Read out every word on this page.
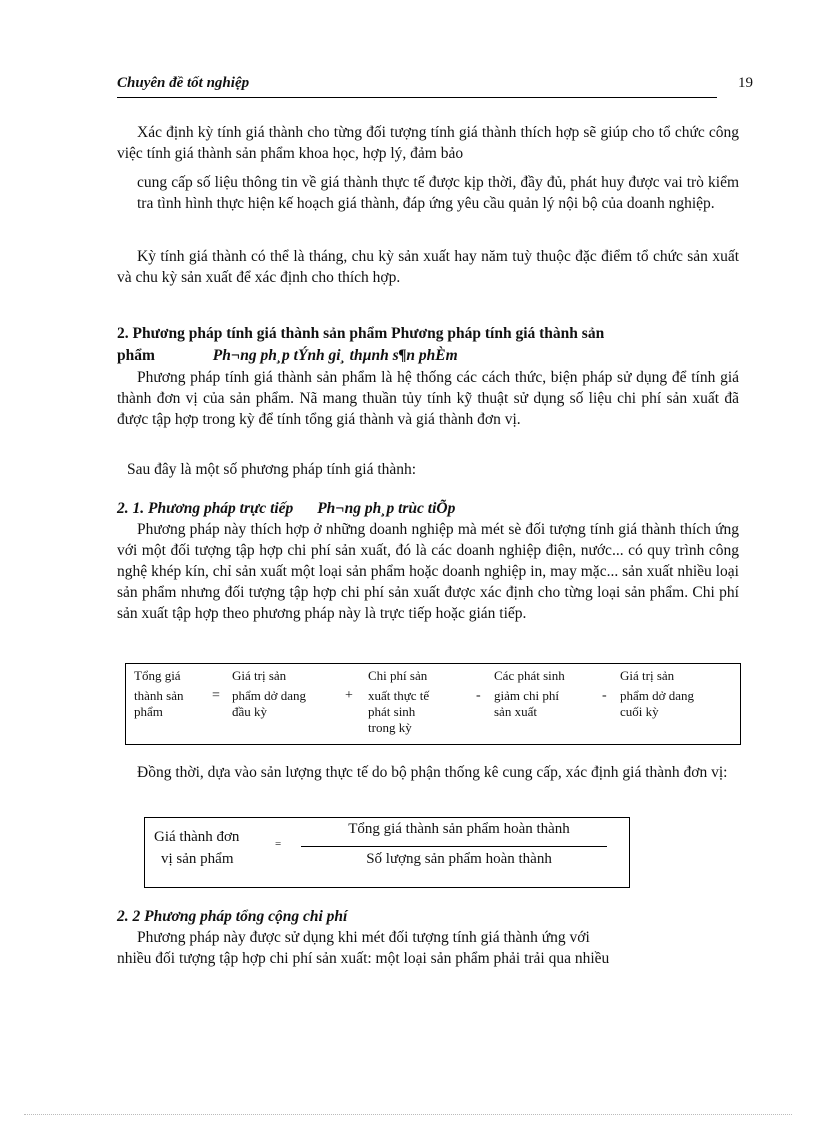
Chuyên đề tốt nghiệp	19
Xác định kỳ tính giá thành cho từng đối tượng tính giá thành thích hợp sẽ giúp cho tổ chức công việc tính giá thành sản phẩm khoa học, hợp lý, đảm bảo
cung cấp số liệu thông tin về giá thành thực tế được kịp thời, đầy đủ, phát huy được vai trò kiểm tra tình hình thực hiện kế hoạch giá thành, đáp ứng yêu cầu quản lý nội bộ của doanh nghiệp.
Kỳ tính giá thành có thể là tháng, chu kỳ sản xuất hay năm tuỳ thuộc đặc điểm tổ chức sản xuất và chu kỳ sản xuất để xác định cho thích hợp.
2. Phương pháp tính giá thành sản phẩm Phương pháp tính giá thành sản
phẩm	Ph¬ng ph¸p tÝnh gi¸ thµnh s¶n phÈm
Phương pháp tính giá thành sản phẩm là hệ thống các cách thức, biện pháp sử dụng để tính giá thành đơn vị của sản phẩm. Nã mang thuần tủy tính kỹ thuật sử dụng số liệu chi phí sản xuất đã được tập hợp trong kỳ để tính tổng giá thành và giá thành đơn vị.
Sau đây là một số phương pháp tính giá thành:
2. 1. Phương pháp trực tiếp Ph¬ng ph¸p trùc tiÕp
Phương pháp này thích hợp ở những doanh nghiệp mà mét sè đối tượng tính giá thành thích ứng với một đối tượng tập hợp chi phí sản xuất, đó là các doanh nghiệp điện, nước... có quy trình công nghệ khép kín, chỉ sản xuất một loại sản phẩm hoặc doanh nghiệp in, may mặc... sản xuất nhiều loại sản phẩm nhưng đối tượng tập hợp chi phí sản xuất được xác định cho từng loại sản phẩm. Chi phí sản xuất tập hợp theo phương pháp này là trực tiếp hoặc gián tiếp.
Tổng giá
thành sản
phẩm
=
Giá trị sản
phẩm dở dang
đầu kỳ
+
Chi phí sản
xuất thực tế
phát sinh
trong kỳ
-
Các phát sinh
giảm chi phí
sản xuất
-
Giá trị sản
phẩm dở dang
cuối kỳ
Đồng thời, dựa vào sản lượng thực tế do bộ phận thống kê cung cấp, xác định giá thành đơn vị:
Giá thành đơn
vị sản phẩm
=
Tổng giá thành sản phẩm hoàn thành
Số lượng sản phẩm hoàn thành
2. 2 Phương pháp tổng cộng chi phí
Phương pháp này được sử dụng khi mét đối tượng tính giá thành ứng với
nhiều đối tượng tập hợp chi phí sản xuất: một loại sản phẩm phải trải qua nhiều
